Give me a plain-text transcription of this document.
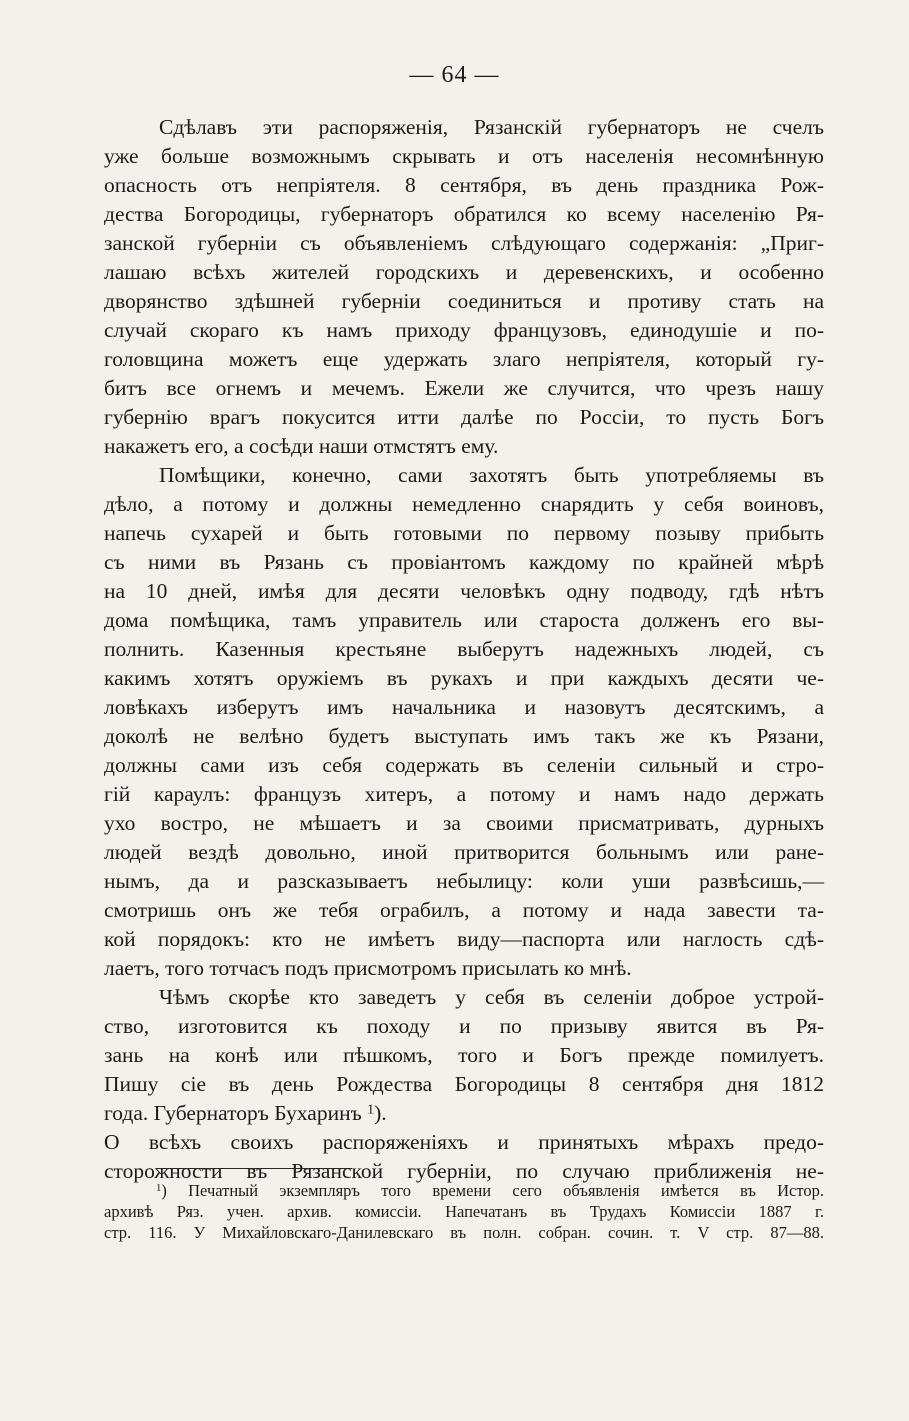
— 64 —
Сдѣлавъ эти распоряженія, Рязанскій губернаторъ не счелъ
уже больше возможнымъ скрывать и отъ населенія несомнѣнную
опасность отъ непріятеля. 8 сентября, въ день праздника Рож-
дества Богородицы, губернаторъ обратился ко всему населенію Ря-
занской губерніи съ объявленіемъ слѣдующаго содержанія: „Приг-
лашаю всѣхъ жителей городскихъ и деревенскихъ, и особенно
дворянство здѣшней губерніи соединиться и противу стать на
случай скораго къ намъ приходу французовъ, единодушіе и по-
головщина можетъ еще удержать злаго непріятеля, который гу-
битъ все огнемъ и мечемъ. Ежели же случится, что чрезъ нашу
губернію врагъ покусится итти далѣе по Россіи, то пусть Богъ
накажетъ его, а сосѣди наши отмстятъ ему.
Помѣщики, конечно, сами захотятъ быть употребляемы въ
дѣло, а потому и должны немедленно снарядить у себя воиновъ,
напечь сухарей и быть готовыми по первому позыву прибыть
съ ними въ Рязань съ провіантомъ каждому по крайней мѣрѣ
на 10 дней, имѣя для десяти человѣкъ одну подводу, гдѣ нѣтъ
дома помѣщика, тамъ управитель или староста долженъ его вы-
полнить. Казенныя крестьяне выберутъ надежныхъ людей, съ
какимъ хотятъ оружіемъ въ рукахъ и при каждыхъ десяти че-
ловѣкахъ изберутъ имъ начальника и назовутъ десятскимъ, а
доколѣ не велѣно будетъ выступать имъ такъ же къ Рязани,
должны сами изъ себя содержать въ селеніи сильный и стро-
гій караулъ: французъ хитеръ, а потому и намъ надо держать
ухо востро, не мѣшаетъ и за своими присматривать, дурныхъ
людей вездѣ довольно, иной притворится больнымъ или ране-
нымъ, да и разсказываетъ небылицу: коли уши развѣсишь,—
смотришь онъ же тебя ограбилъ, а потому и нада завести та-
кой порядокъ: кто не имѣетъ виду—паспорта или наглость сдѣ-
лаетъ, того тотчасъ подъ присмотромъ присылать ко мнѣ.
Чѣмъ скорѣе кто заведетъ у себя въ селеніи доброе устрой-
ство, изготовится къ походу и по призыву явится въ Ря-
зань на конѣ или пѣшкомъ, того и Богъ прежде помилуетъ.
Пишу сіе въ день Рождества Богородицы 8 сентября дня 1812
года. Губернаторъ Бухаринъ $^1$).
О всѣхъ своихъ распоряженіяхъ и принятыхъ мѣрахъ предо-
сторожности въ Рязанской губерніи, по случаю приближенія не-
$^1$) Печатный экземпляръ того времени сего объявленія имѣется въ Истор.
архивѣ Ряз. учен. архив. комиссіи. Напечатанъ въ Трудахъ Комиссіи 1887 г.
стр. 116. У Михайловскаго-Данилевскаго въ полн. собран. сочин. т. V стр. 87—88.
